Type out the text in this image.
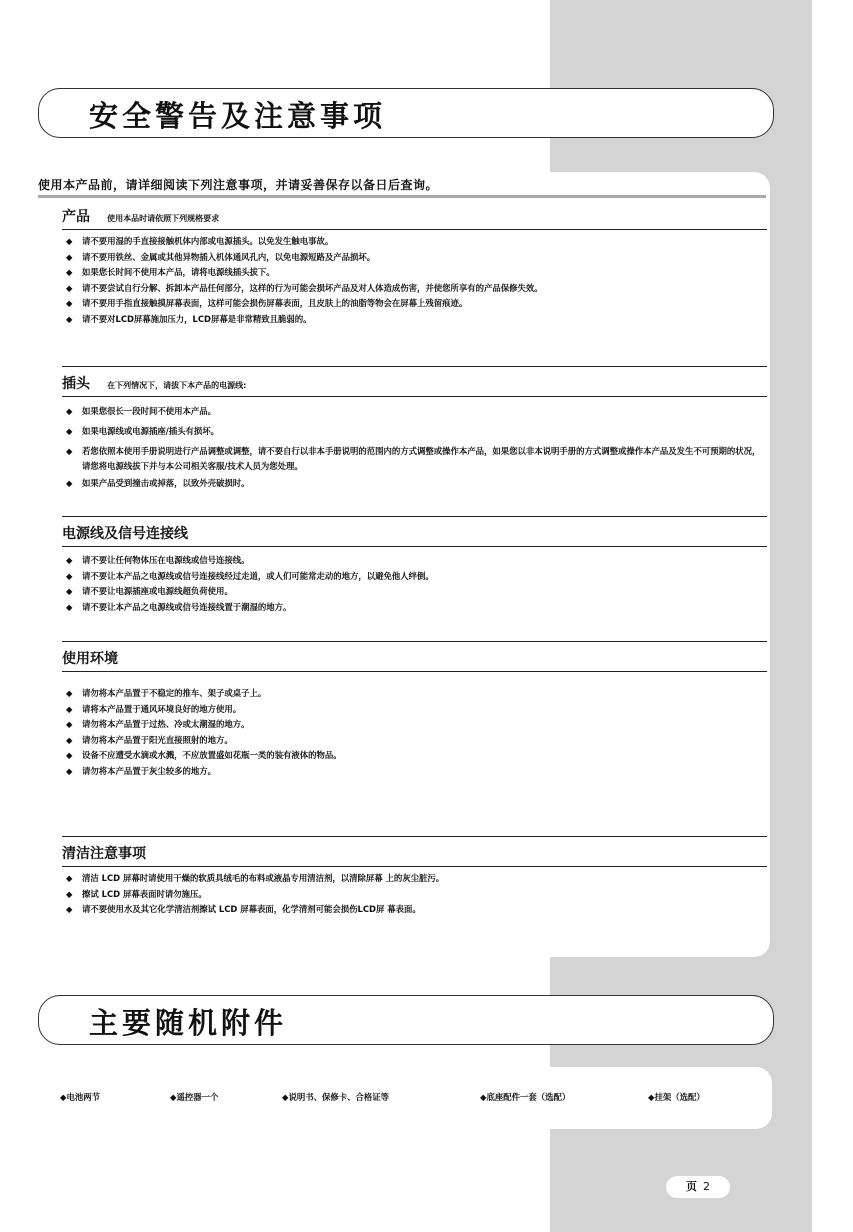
安全警告及注意事项
使用本产品前，请详细阅读下列注意事项，并请妥善保存以备日后查询。
产品 使用本品时请依照下列规格要求
◆ 请不要用湿的手直接接触机体内部或电源插头。以免发生触电事故。
◆ 请不要用铁丝、金属或其他异物插入机体通风孔内，以免电源短路及产品损坏。
◆ 如果您长时间不使用本产品，请将电源线插头拔下。
◆ 请不要尝试自行分解、拆卸本产品任何部分，这样的行为可能会损坏产品及对人体造成伤害，并使您所享有的产品保修失效。
◆ 请不要用手指直接触摸屏幕表面，这样可能会损伤屏幕表面，且皮肤上的油脂等物会在屏幕上残留痕迹。
◆ 请不要对LCD屏幕施加压力，LCD屏幕是非常精致且脆弱的。
插头 在下列情况下，请拔下本产品的电源线:
◆ 如果您很长一段时间不使用本产品。
◆ 如果电源线或电源插座/插头有损坏。
◆ 若您依照本使用手册说明进行产品调整或调整，请不要自行以非本手册说明的范围内的方式调整或操作本产品，如果您以非本说明手册的方式调整或操作本产品及发生不可预期的状况，请您将电源线拔下并与本公司相关客服/技术人员为您处理。
◆ 如果产品受到撞击或掉落，以致外壳破损时。
电源线及信号连接线
◆ 请不要让任何物体压在电源线或信号连接线。
◆ 请不要让本产品之电源线或信号连接线经过走道，或人们可能常走动的地方，以避免他人绊倒。
◆ 请不要让电源插座或电源线超负荷使用。
◆ 请不要让本产品之电源线或信号连接线置于潮湿的地方。
使用环境
◆ 请勿将本产品置于不稳定的推车、架子或桌子上。
◆ 请将本产品置于通风环境良好的地方使用。
◆ 请勿将本产品置于过热、冷或太潮湿的地方。
◆ 请勿将本产品置于阳光直接照射的地方。
◆ 设备不应遭受水滴或水溅，不应放置盛如花瓶一类的装有液体的物品。
◆ 请勿将本产品置于灰尘较多的地方。
清洁注意事项
◆ 清洁 LCD 屏幕时请使用干燥的软质具绒毛的布料或液晶专用清洁剂，以清除屏幕 上的灰尘脏污。
◆ 擦试 LCD 屏幕表面时请勿施压。
◆ 请不要使用水及其它化学清洁剂擦试 LCD 屏幕表面，化学清剂可能会损伤LCD屏 幕表面。
主要随机附件
◆电池两节	◆遥控器一个	◆说明书、保修卡、合格证等	◆底座配件一套（选配）	◆挂架（选配）
页 2
